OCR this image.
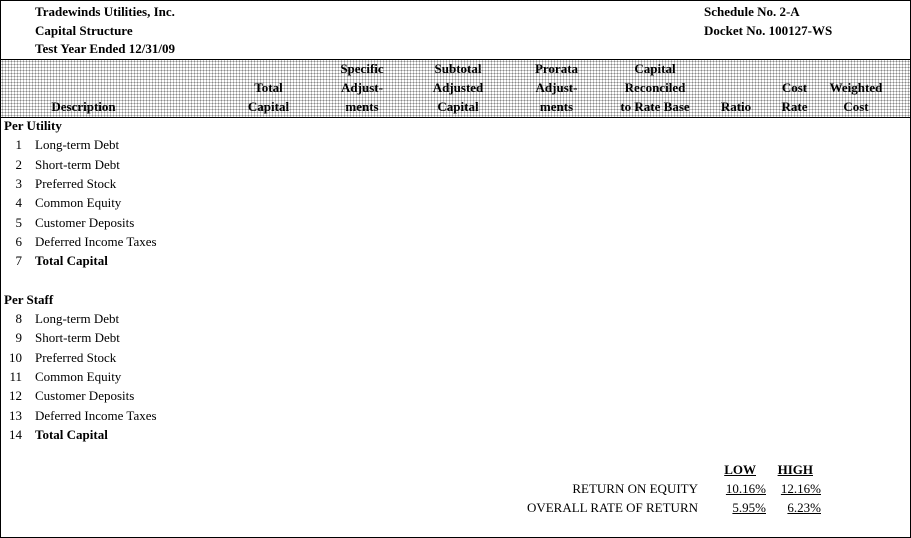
Tradewinds Utilities, Inc.
Capital Structure
Test Year Ended 12/31/09
Schedule No. 2-A
Docket No. 100127-WS

Description

Total
Capital
Specific
Adjust-
ments
Subtotal
Adjusted
Capital
Prorata
Adjust-
ments
Capital
Reconciled
to Rate Base

	Ratio

Cost
Rate

Weighted
Cost
Per Utility
1 Long-term Debt
2 Short-term Debt
3 Preferred Stock
4 Common Equity
5 Customer Deposits
6 Deferred Income Taxes
7 Total Capital
Per Staff
8 Long-term Debt
9 Short-term Debt
10 Preferred Stock
11 Common Equity
12 Customer Deposits
13 Deferred Income Taxes
14 Total Capital
LOW HIGH
RETURN ON EQUITY 10.16% 12.16%
OVERALL RATE OF RETURN	5.95% 6.23%
